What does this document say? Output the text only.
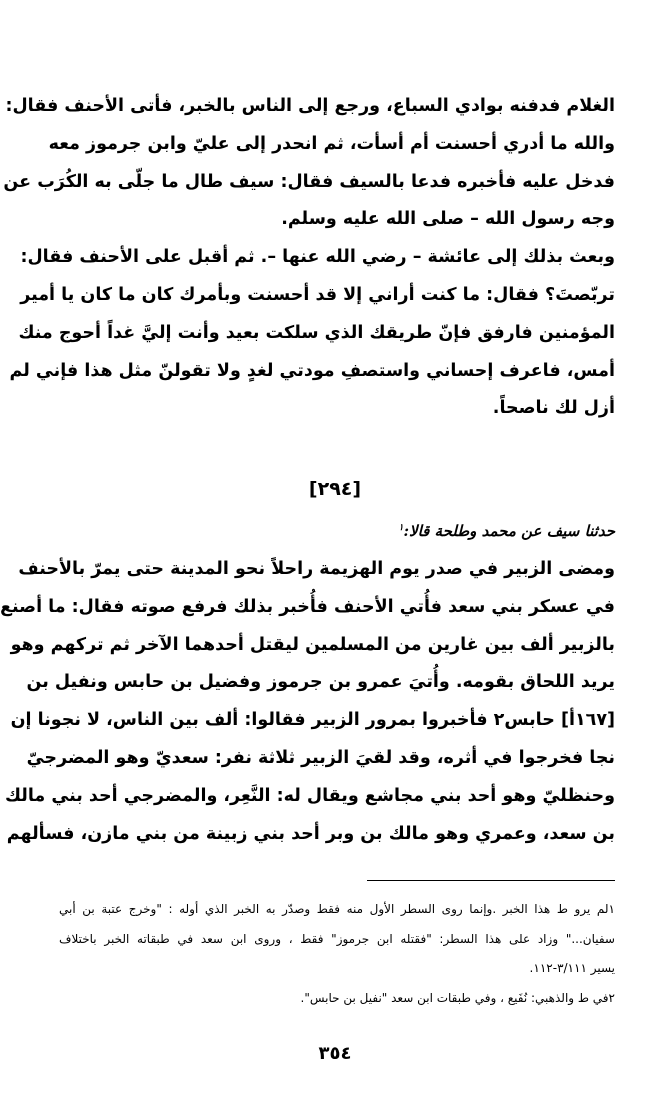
الغلام فدفنه بوادي السباع، ورجع إلى الناس بالخبر، فأتى الأحنف فقال:
والله ما أدري أحسنت أم أسأت، ثم انحدر إلى عليّ وابن جرموز معه
فدخل عليه فأخبره فدعا بالسيف فقال: سيف طال ما جلّى به الكُرَب عن
وجه رسول الله – صلى الله عليه وسلم.
وبعث بذلك إلى عائشة – رضي الله عنها –. ثم أقبل على الأحنف فقال:
تربّصتَ؟ فقال: ما كنت أراني إلا قد أحسنت وبأمرك كان ما كان يا أمير
المؤمنين فارفق فإنّ طريقك الذي سلكت بعيد وأنت إليَّ غداً أحوج منك
أمس، فاعرف إحساني واستصفِ مودتي لغدٍ ولا تقولنّ مثل هذا فإني لم
أزل لك ناصحاً.
[٢٩٤]
حدثنا سيف عن محمد وطلحة قالا:$^١$
ومضى الزبير في صدر يوم الهزيمة راحلاً نحو المدينة حتى يمرّ بالأحنف
في عسكر بني سعد فأُتي الأحنف فأُخبر بذلك فرفع صوته فقال: ما أصنع
بالزبير ألف بين غارين من المسلمين ليقتل أحدهما الآخر ثم تركهم وهو
يريد اللحاق بقومه. وأُتيَ عمرو بن جرموز وفضيل بن حابس ونفيل بن
[١٦٧أ] حابس٢ فأخبروا بمرور الزبير فقالوا: ألف بين الناس، لا نجونا إن
نجا فخرجوا في أثره، وقد لقيَ الزبير ثلاثة نفر: سعديّ وهو المضرجيّ
وحنظليّ وهو أحد بني مجاشع ويقال له: النَّعِر، والمضرجي أحد بني مالك
بن سعد، وعمري وهو مالك بن وبر أحد بني زبينة من بني مازن، فسألهم
١لم يرو ط هذا الخبر .وإنما روى السطر الأول منه فقط وصدّر به الخبر الذي أوله : "وخرج عتبة بن أبي
سفيان..." وزاد على هذا السطر: "فقتله ابن جرموز" فقط ، وروى ابن سعد في طبقاته الخبر باختلاف
يسير ٣/١١١-١١٢.
٢في ط والذهبي: نُفَيع ، وفي طبقات ابن سعد "نفيل بن حابس".
٣٥٤
